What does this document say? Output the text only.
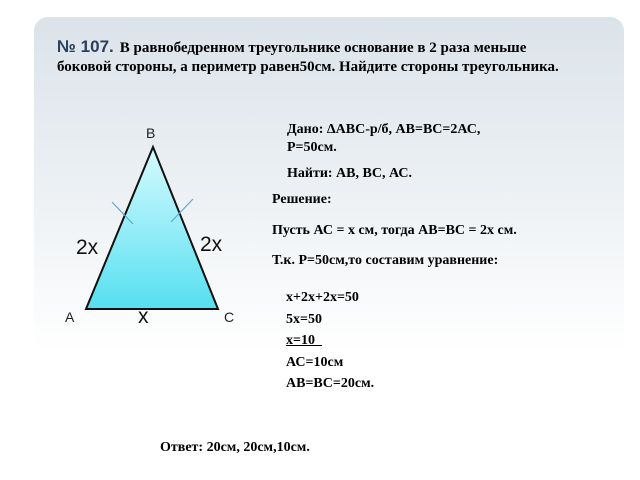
№ 107. В равнобедренном треугольнике основание в 2 раза меньше боковой стороны, а периметр равен50см. Найдите стороны треугольника.
B
A	C
2x	2x
x
Дано: ΔАВС-р/б, АВ=ВС=2АС,
Р=50см.
Найти: АВ, ВС, АС.
Решение:
Пусть АС = х см, тогда АВ=ВС = 2х см.
Т.к. Р=50см,то составим уравнение:
х+2х+2х=50
5х=50
х=10
АС=10см
АВ=ВС=20см.
Ответ: 20см, 20см,10см.
